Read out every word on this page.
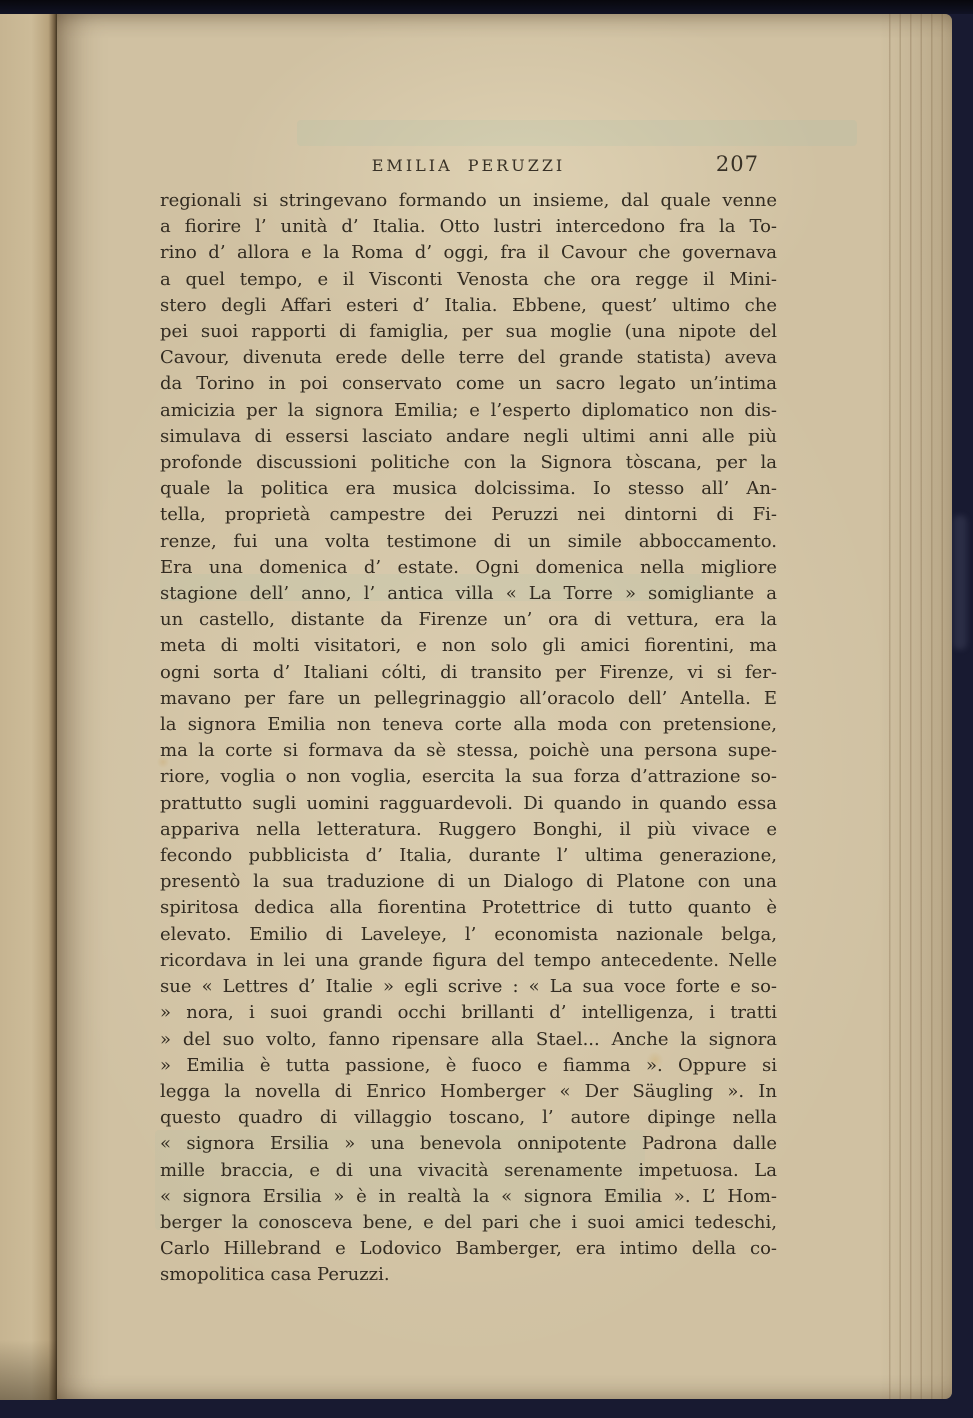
EMILIA PERUZZI	207

regionali si stringevano formando un insieme, dal quale venne

a fiorire l’ unità d’ Italia. Otto lustri intercedono fra la To-

rino d’ allora e la Roma d’ oggi, fra il Cavour che governava

a quel tempo, e il Visconti Venosta che ora regge il Mini-

stero degli Affari esteri d’ Italia. Ebbene, quest’ ultimo che

pei suoi rapporti di famiglia, per sua moglie (una nipote del

Cavour, divenuta erede delle terre del grande statista) aveva

da Torino in poi conservato come un sacro legato un’intima

amicizia per la signora Emilia; e l’esperto diplomatico non dis-

simulava di essersi lasciato andare negli ultimi anni alle più

profonde discussioni politiche con la Signora tòscana, per la

quale la politica era musica dolcissima. Io stesso all’ An-

tella, proprietà campestre dei Peruzzi nei dintorni di Fi-

renze, fui una volta testimone di un simile abboccamento.

Era una domenica d’ estate. Ogni domenica nella migliore

stagione dell’ anno, l’ antica villa « La Torre » somigliante a

un castello, distante da Firenze un’ ora di vettura, era la

meta di molti visitatori, e non solo gli amici fiorentini, ma

ogni sorta d’ Italiani cólti, di transito per Firenze, vi si fer-

mavano per fare un pellegrinaggio all’oracolo dell’ Antella. E

la signora Emilia non teneva corte alla moda con pretensione,

ma la corte si formava da sè stessa, poichè una persona supe-

riore, voglia o non voglia, esercita la sua forza d’attrazione so-

prattutto sugli uomini ragguardevoli. Di quando in quando essa

appariva nella letteratura. Ruggero Bonghi, il più vivace e

fecondo pubblicista d’ Italia, durante l’ ultima generazione,

presentò la sua traduzione di un Dialogo di Platone con una

spiritosa dedica alla fiorentina Protettrice di tutto quanto è

elevato. Emilio di Laveleye, l’ economista nazionale belga,

ricordava in lei una grande figura del tempo antecedente. Nelle

sue « Lettres d’ Italie » egli scrive : « La sua voce forte e so-

» nora, i suoi grandi occhi brillanti d’ intelligenza, i tratti

» del suo volto, fanno ripensare alla Stael... Anche la signora

» Emilia è tutta passione, è fuoco e fiamma ». Oppure si

legga la novella di Enrico Homberger « Der Säugling ». In

questo quadro di villaggio toscano, l’ autore dipinge nella

« signora Ersilia » una benevola onnipotente Padrona dalle

mille braccia, e di una vivacità serenamente impetuosa. La

« signora Ersilia » è in realtà la « signora Emilia ». L’ Hom-

berger la conosceva bene, e del pari che i suoi amici tedeschi,

Carlo Hillebrand e Lodovico Bamberger, era intimo della co-

smopolitica casa Peruzzi.
